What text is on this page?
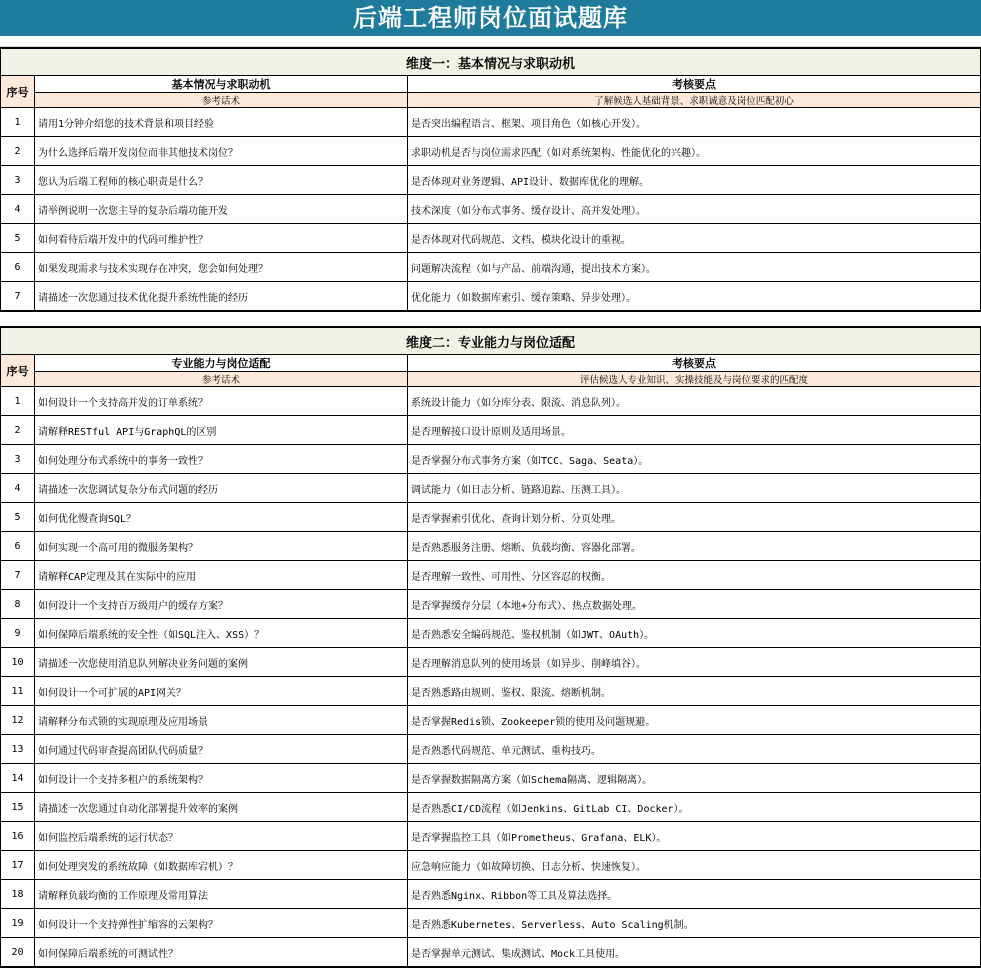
后端工程师岗位面试题库
维度一：基本情况与求职动机		
序号	基本情况与求职动机	考核要点
	参考话术	了解候选人基础背景、求职诚意及岗位匹配初心
1	请用1分钟介绍您的技术背景和项目经验	是否突出编程语言、框架、项目角色（如核心开发）。
2	为什么选择后端开发岗位而非其他技术岗位？	求职动机是否与岗位需求匹配（如对系统架构、性能优化的兴趣）。
3	您认为后端工程师的核心职责是什么？	是否体现对业务逻辑、API设计、数据库优化的理解。
4	请举例说明一次您主导的复杂后端功能开发	技术深度（如分布式事务、缓存设计、高并发处理）。
5	如何看待后端开发中的代码可维护性？	是否体现对代码规范、文档、模块化设计的重视。
6	如果发现需求与技术实现存在冲突，您会如何处理？	问题解决流程（如与产品、前端沟通，提出技术方案）。
7	请描述一次您通过技术优化提升系统性能的经历	优化能力（如数据库索引、缓存策略、异步处理）。
维度二：专业能力与岗位适配		
序号	专业能力与岗位适配	考核要点
	参考话术	评估候选人专业知识、实操技能及与岗位要求的匹配度
1	如何设计一个支持高并发的订单系统？	系统设计能力（如分库分表、限流、消息队列）。
2	请解释RESTful API与GraphQL的区别	是否理解接口设计原则及适用场景。
3	如何处理分布式系统中的事务一致性？	是否掌握分布式事务方案（如TCC、Saga、Seata）。
4	请描述一次您调试复杂分布式问题的经历	调试能力（如日志分析、链路追踪、压测工具）。
5	如何优化慢查询SQL？	是否掌握索引优化、查询计划分析、分页处理。
6	如何实现一个高可用的微服务架构？	是否熟悉服务注册、熔断、负载均衡、容器化部署。
7	请解释CAP定理及其在实际中的应用	是否理解一致性、可用性、分区容忍的权衡。
8	如何设计一个支持百万级用户的缓存方案？	是否掌握缓存分层（本地+分布式）、热点数据处理。
9	如何保障后端系统的安全性（如SQL注入、XSS）？	是否熟悉安全编码规范、鉴权机制（如JWT、OAuth）。
10	请描述一次您使用消息队列解决业务问题的案例	是否理解消息队列的使用场景（如异步、削峰填谷）。
11	如何设计一个可扩展的API网关？	是否熟悉路由规则、鉴权、限流、熔断机制。
12	请解释分布式锁的实现原理及应用场景	是否掌握Redis锁、Zookeeper锁的使用及问题规避。
13	如何通过代码审查提高团队代码质量？	是否熟悉代码规范、单元测试、重构技巧。
14	如何设计一个支持多租户的系统架构？	是否掌握数据隔离方案（如Schema隔离、逻辑隔离）。
15	请描述一次您通过自动化部署提升效率的案例	是否熟悉CI/CD流程（如Jenkins、GitLab CI、Docker）。
16	如何监控后端系统的运行状态？	是否掌握监控工具（如Prometheus、Grafana、ELK）。
17	如何处理突发的系统故障（如数据库宕机）？	应急响应能力（如故障切换、日志分析、快速恢复）。
18	请解释负载均衡的工作原理及常用算法	是否熟悉Nginx、Ribbon等工具及算法选择。
19	如何设计一个支持弹性扩缩容的云架构？	是否熟悉Kubernetes、Serverless、Auto Scaling机制。
20	如何保障后端系统的可测试性？	是否掌握单元测试、集成测试、Mock工具使用。
